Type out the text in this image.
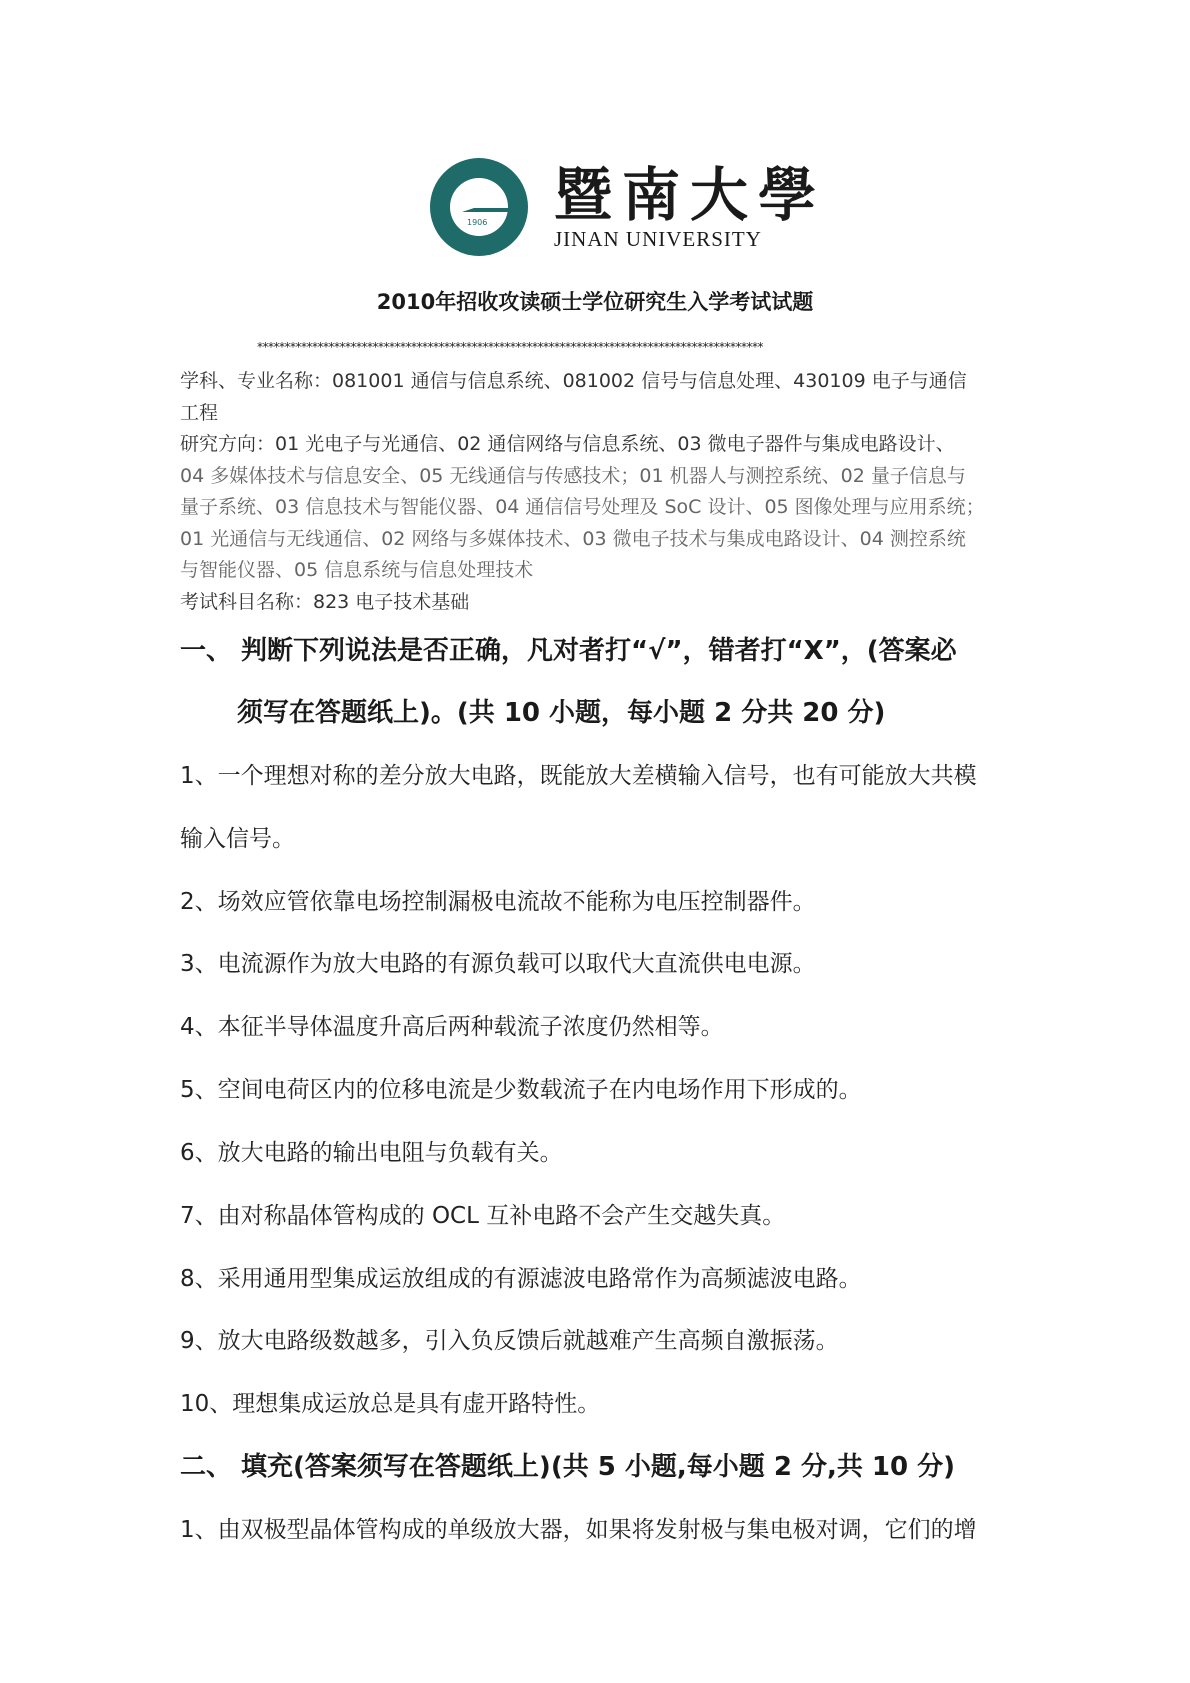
1906 暨南大學
JINAN UNIVERSITY
2010年招收攻读硕士学位研究生入学考试试题
********************************************************************************************
学科、专业名称：081001 通信与信息系统、081002 信号与信息处理、430109 电子与通信
工程
研究方向：01 光电子与光通信、02 通信网络与信息系统、03 微电子器件与集成电路设计、
04 多媒体技术与信息安全、05 无线通信与传感技术；01 机器人与测控系统、02 量子信息与
量子系统、03 信息技术与智能仪器、04 通信信号处理及 SoC 设计、05 图像处理与应用系统；
01 光通信与无线通信、02 网络与多媒体技术、03 微电子技术与集成电路设计、04 测控系统
与智能仪器、05 信息系统与信息处理技术
考试科目名称：823 电子技术基础
一、 判断下列说法是否正确，凡对者打“√”，错者打“X”，(答案必
须写在答题纸上)。(共 10 小题，每小题 2 分共 20 分)
1、一个理想对称的差分放大电路，既能放大差横输入信号，也有可能放大共模
输入信号。
2、场效应管依靠电场控制漏极电流故不能称为电压控制器件。
3、电流源作为放大电路的有源负载可以取代大直流供电电源。
4、本征半导体温度升高后两种载流子浓度仍然相等。
5、空间电荷区内的位移电流是少数载流子在内电场作用下形成的。
6、放大电路的输出电阻与负载有关。
7、由对称晶体管构成的 OCL 互补电路不会产生交越失真。
8、采用通用型集成运放组成的有源滤波电路常作为高频滤波电路。
9、放大电路级数越多，引入负反馈后就越难产生高频自激振荡。
10、理想集成运放总是具有虚开路特性。
二、 填充(答案须写在答题纸上)(共 5 小题,每小题 2 分,共 10 分)
1、由双极型晶体管构成的单级放大器，如果将发射极与集电极对调，它们的增
